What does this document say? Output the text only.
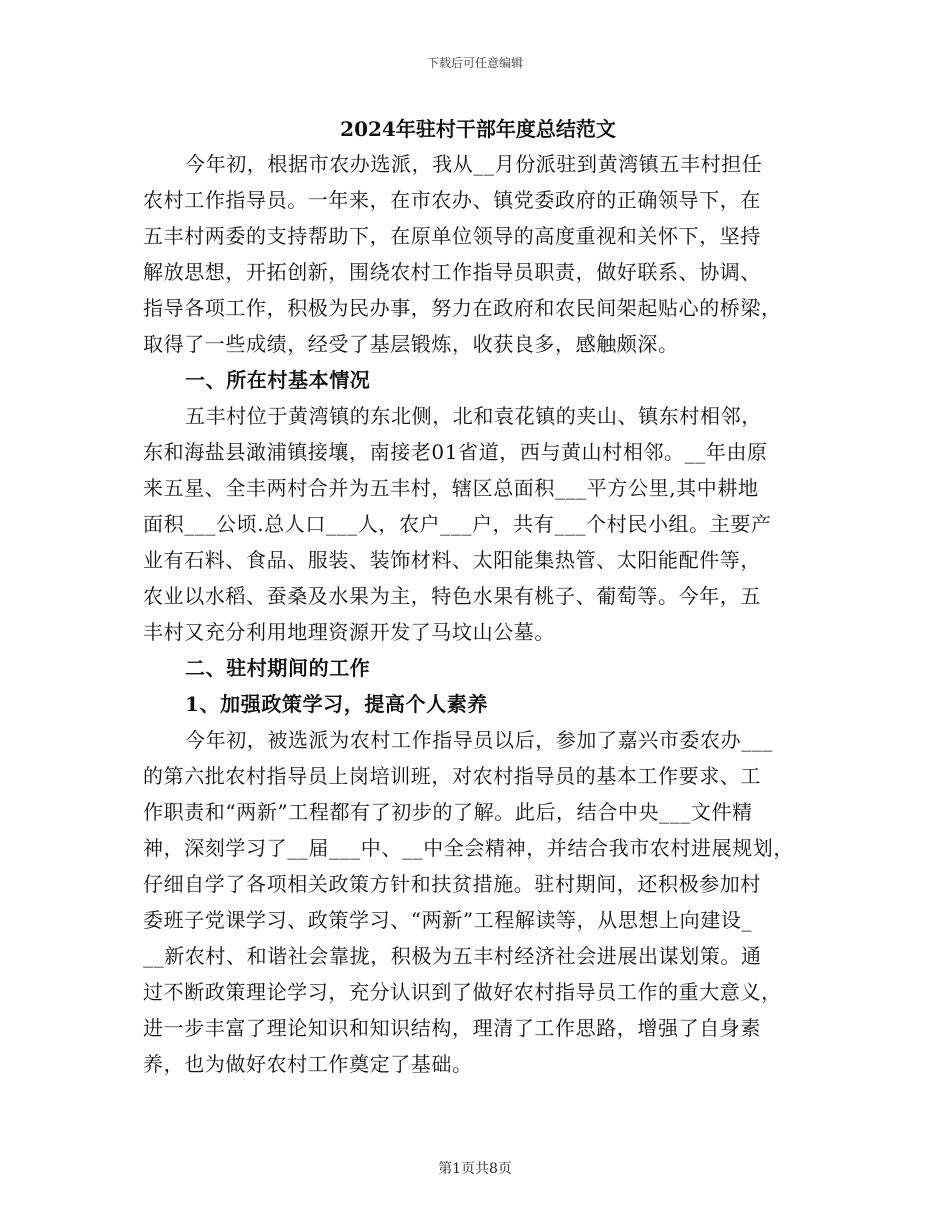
下载后可任意编辑

2024年驻村干部年度总结范文

今年初，根据市农办选派，我从__月份派驻到黄湾镇五丰村担任

农村工作指导员。一年来，在市农办、镇党委政府的正确领导下，在

五丰村两委的支持帮助下，在原单位领导的高度重视和关怀下，坚持

解放思想，开拓创新，围绕农村工作指导员职责，做好联系、协调、

指导各项工作，积极为民办事，努力在政府和农民间架起贴心的桥梁，

取得了一些成绩，经受了基层锻炼，收获良多，感触颇深。

一、所在村基本情况

五丰村位于黄湾镇的东北侧，北和袁花镇的夹山、镇东村相邻，

东和海盐县澉浦镇接壤，南接老01省道，西与黄山村相邻。__年由原

来五星、全丰两村合并为五丰村，辖区总面积___平方公里,其中耕地

面积___公顷.总人口___人，农户___户，共有___个村民小组。主要产

业有石料、食品、服装、装饰材料、太阳能集热管、太阳能配件等，

农业以水稻、蚕桑及水果为主，特色水果有桃子、葡萄等。今年，五

丰村又充分利用地理资源开发了马坟山公墓。

二、驻村期间的工作

1、加强政策学习，提高个人素养

今年初，被选派为农村工作指导员以后，参加了嘉兴市委农办___

的第六批农村指导员上岗培训班，对农村指导员的基本工作要求、工

作职责和“两新”工程都有了初步的了解。此后，结合中央___文件精

神，深刻学习了__届___中、__中全会精神，并结合我市农村进展规划，

仔细自学了各项相关政策方针和扶贫措施。驻村期间，还积极参加村

委班子党课学习、政策学习、“两新”工程解读等，从思想上向建设_

__新农村、和谐社会靠拢，积极为五丰村经济社会进展出谋划策。通

过不断政策理论学习，充分认识到了做好农村指导员工作的重大意义，

进一步丰富了理论知识和知识结构，理清了工作思路，增强了自身素

养，也为做好农村工作奠定了基础。

第1页共8页
